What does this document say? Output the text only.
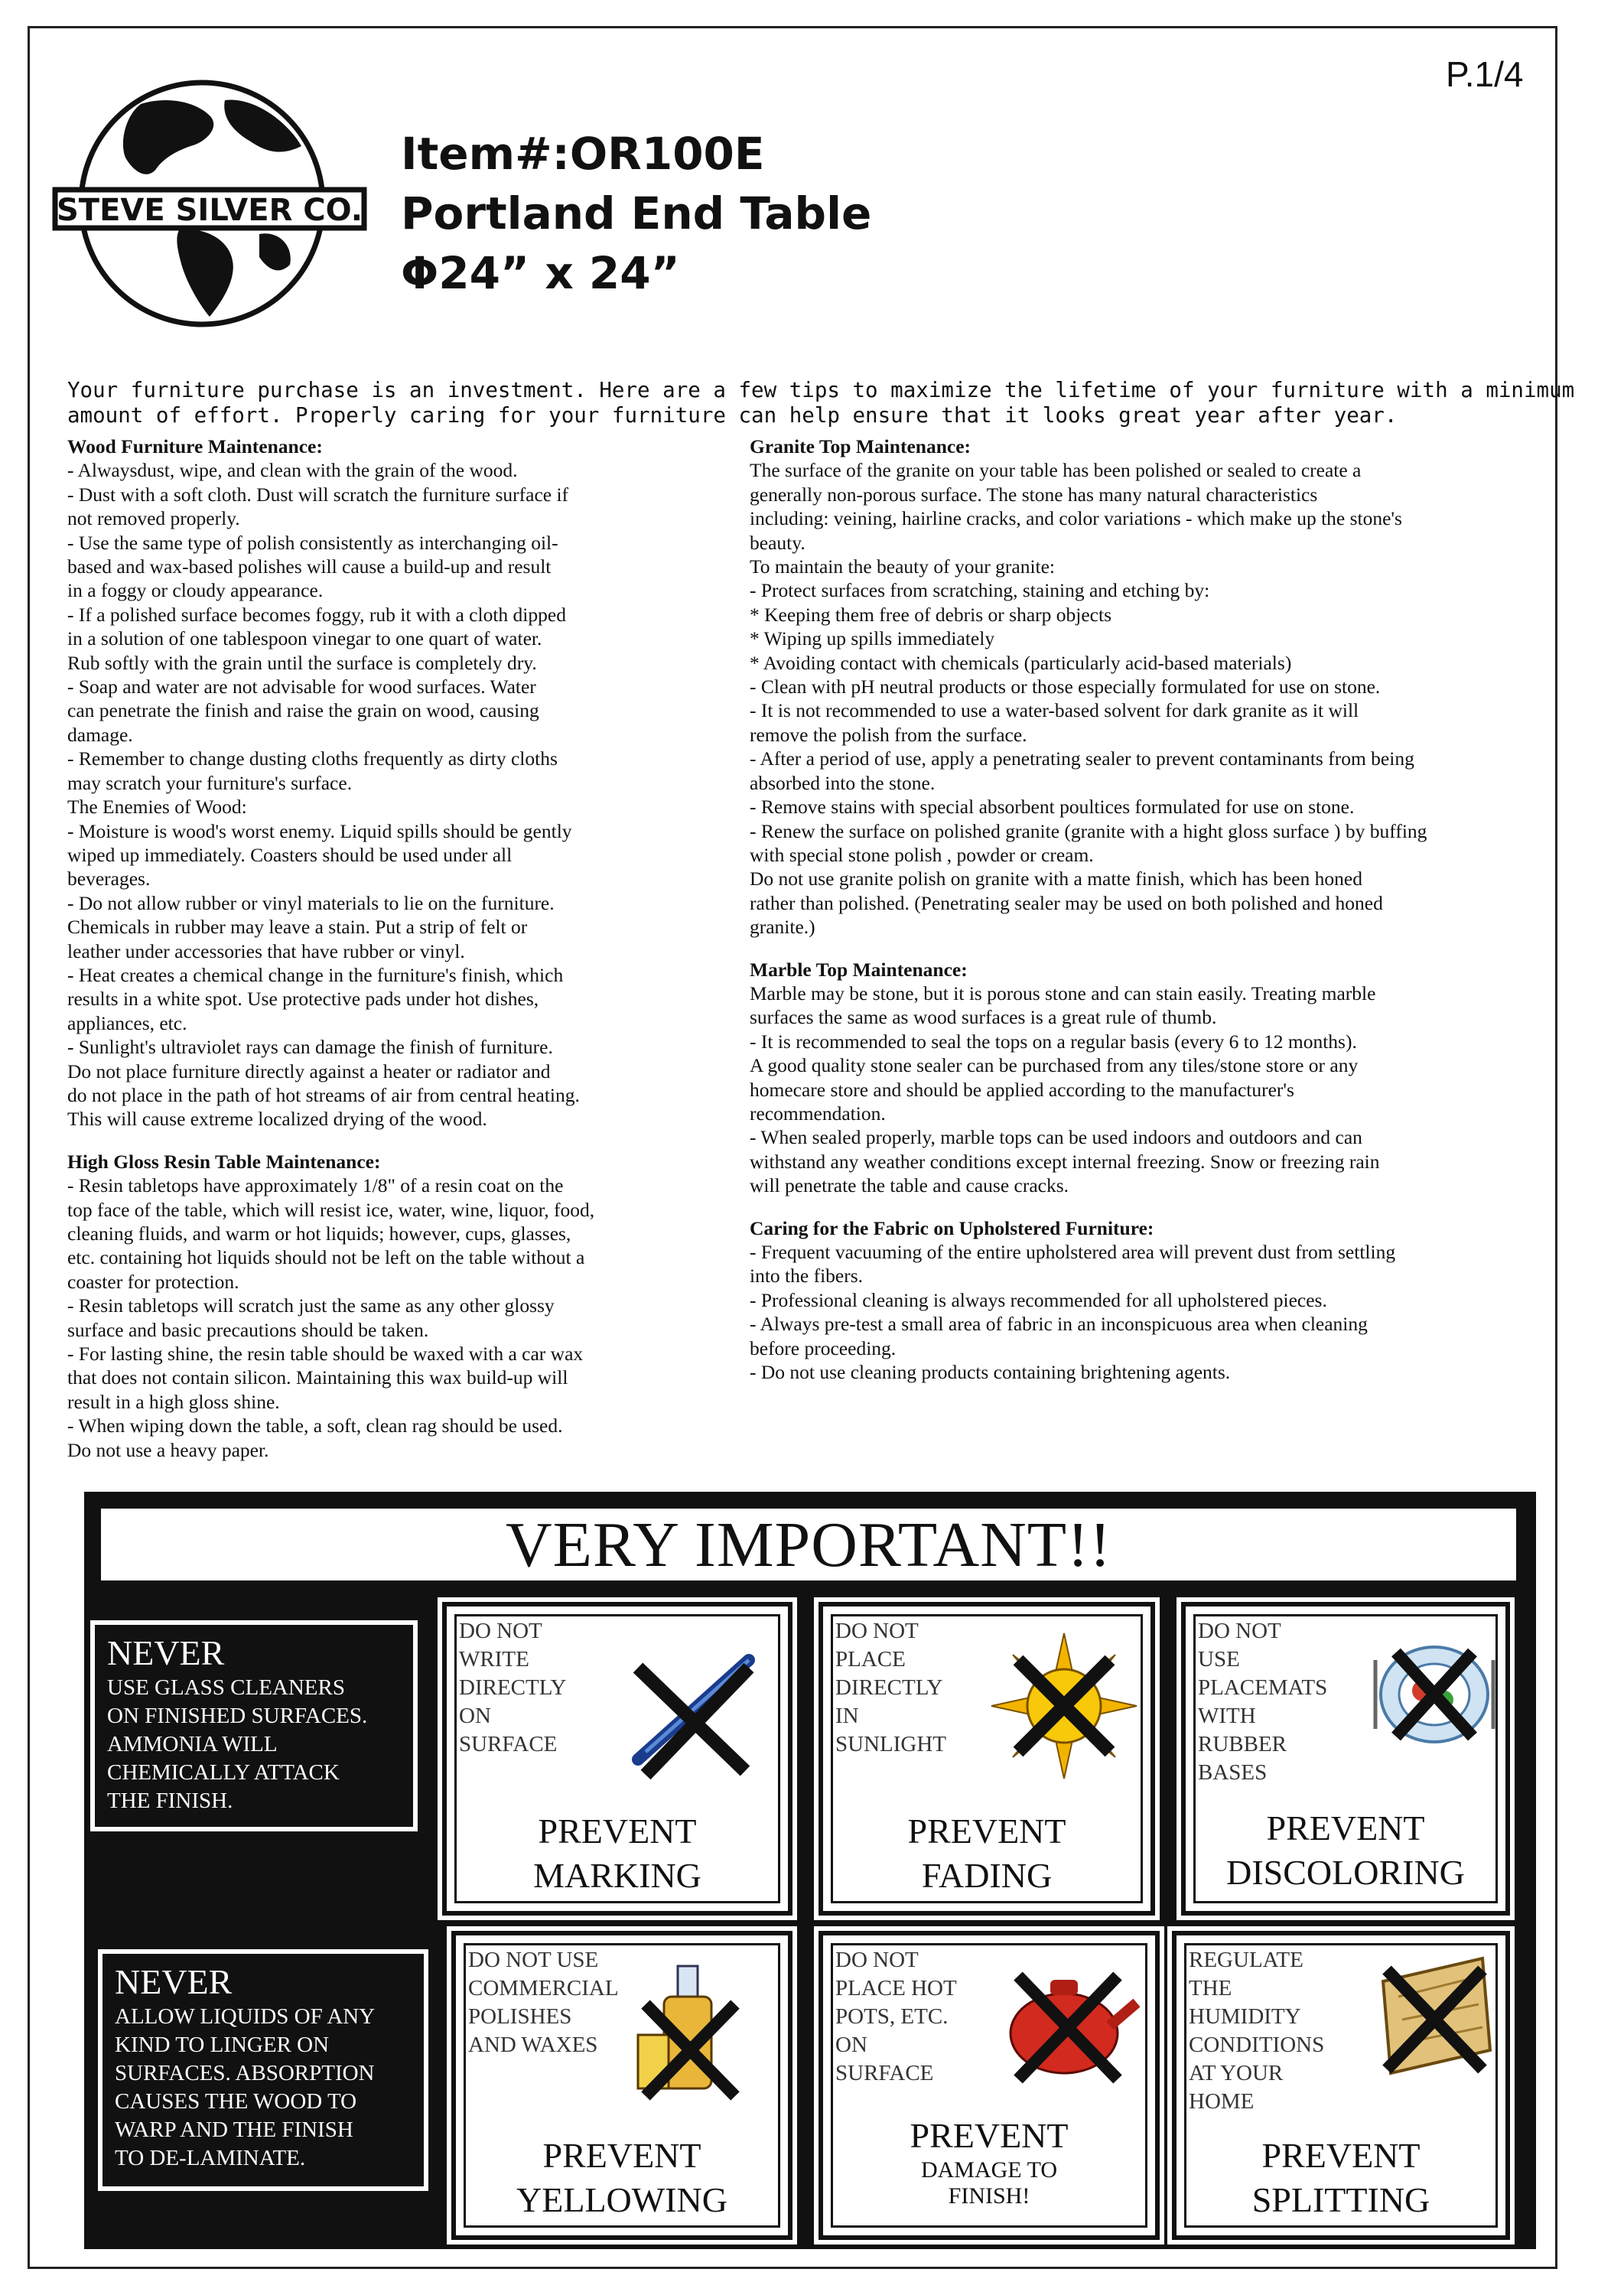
P.1/4
STEVE SILVER CO.
Item#:OR100E
Portland End Table
Φ24” x 24”
Your furniture purchase is an investment. Here are a few tips to maximize the lifetime of your furniture with a minimum
amount of effort. Properly caring for your furniture can help ensure that it looks great year after year.
Wood Furniture Maintenance:
- Alwaysdust, wipe, and clean with the grain of the wood.
- Dust with a soft cloth. Dust will scratch the furniture surface if
not removed properly.
- Use the same type of polish consistently as interchanging oil-
based and wax-based polishes will cause a build-up and result
in a foggy or cloudy appearance.
- If a polished surface becomes foggy, rub it with a cloth dipped
in a solution of one tablespoon vinegar to one quart of water.
Rub softly with the grain until the surface is completely dry.
- Soap and water are not advisable for wood surfaces. Water
can penetrate the finish and raise the grain on wood, causing
damage.
- Remember to change dusting cloths frequently as dirty cloths
may scratch your furniture's surface.
The Enemies of Wood:
- Moisture is wood's worst enemy. Liquid spills should be gently
wiped up immediately. Coasters should be used under all
beverages.
- Do not allow rubber or vinyl materials to lie on the furniture.
Chemicals in rubber may leave a stain. Put a strip of felt or
leather under accessories that have rubber or vinyl.
- Heat creates a chemical change in the furniture's finish, which
results in a white spot. Use protective pads under hot dishes,
appliances, etc.
- Sunlight's ultraviolet rays can damage the finish of furniture.
Do not place furniture directly against a heater or radiator and
do not place in the path of hot streams of air from central heating.
This will cause extreme localized drying of the wood.
High Gloss Resin Table Maintenance:
- Resin tabletops have approximately 1/8" of a resin coat on the
top face of the table, which will resist ice, water, wine, liquor, food,
cleaning fluids, and warm or hot liquids; however, cups, glasses,
etc. containing hot liquids should not be left on the table without a
coaster for protection.
- Resin tabletops will scratch just the same as any other glossy
surface and basic precautions should be taken.
- For lasting shine, the resin table should be waxed with a car wax
that does not contain silicon. Maintaining this wax build-up will
result in a high gloss shine.
- When wiping down the table, a soft, clean rag should be used.
Do not use a heavy paper.
Granite Top Maintenance:
The surface of the granite on your table has been polished or sealed to create a
generally non-porous surface. The stone has many natural characteristics
including: veining, hairline cracks, and color variations - which make up the stone's
beauty.
To maintain the beauty of your granite:
- Protect surfaces from scratching, staining and etching by:
* Keeping them free of debris or sharp objects
* Wiping up spills immediately
* Avoiding contact with chemicals (particularly acid-based materials)
- Clean with pH neutral products or those especially formulated for use on stone.
- It is not recommended to use a water-based solvent for dark granite as it will
remove the polish from the surface.
- After a period of use, apply a penetrating sealer to prevent contaminants from being
absorbed into the stone.
- Remove stains with special absorbent poultices formulated for use on stone.
- Renew the surface on polished granite (granite with a hight gloss surface ) by buffing
with special stone polish , powder or cream.
Do not use granite polish on granite with a matte finish, which has been honed
rather than polished. (Penetrating sealer may be used on both polished and honed
granite.)
Marble Top Maintenance:
Marble may be stone, but it is porous stone and can stain easily. Treating marble
surfaces the same as wood surfaces is a great rule of thumb.
- It is recommended to seal the tops on a regular basis (every 6 to 12 months).
A good quality stone sealer can be purchased from any tiles/stone store or any
homecare store and should be applied according to the manufacturer's
recommendation.
- When sealed properly, marble tops can be used indoors and outdoors and can
withstand any weather conditions except internal freezing. Snow or freezing rain
will penetrate the table and cause cracks.
Caring for the Fabric on Upholstered Furniture:
- Frequent vacuuming of the entire upholstered area will prevent dust from settling
into the fibers.
- Professional cleaning is always recommended for all upholstered pieces.
- Always pre-test a small area of fabric in an inconspicuous area when cleaning
before proceeding.
- Do not use cleaning products containing brightening agents.
VERY IMPORTANT!!
NEVER
USE GLASS CLEANERS
ON FINISHED SURFACES.
AMMONIA WILL
CHEMICALLY ATTACK
THE FINISH.
NEVER
ALLOW LIQUIDS OF ANY
KIND TO LINGER ON
SURFACES. ABSORPTION
CAUSES THE WOOD TO
WARP AND THE FINISH
TO DE-LAMINATE.
DO NOT
WRITE
DIRECTLY
ON
SURFACE
PREVENT
MARKING
DO NOT
PLACE
DIRECTLY
IN
SUNLIGHT
PREVENT
FADING
DO NOT
USE
PLACEMATS
WITH
RUBBER
BASES
PREVENT
DISCOLORING
DO NOT USE
COMMERCIAL
POLISHES
AND WAXES
PREVENT
YELLOWING
DO NOT
PLACE HOT
POTS, ETC.
ON
SURFACE
PREVENT
DAMAGE TO
FINISH!
REGULATE
THE
HUMIDITY
CONDITIONS
AT YOUR
HOME
PREVENT
SPLITTING
